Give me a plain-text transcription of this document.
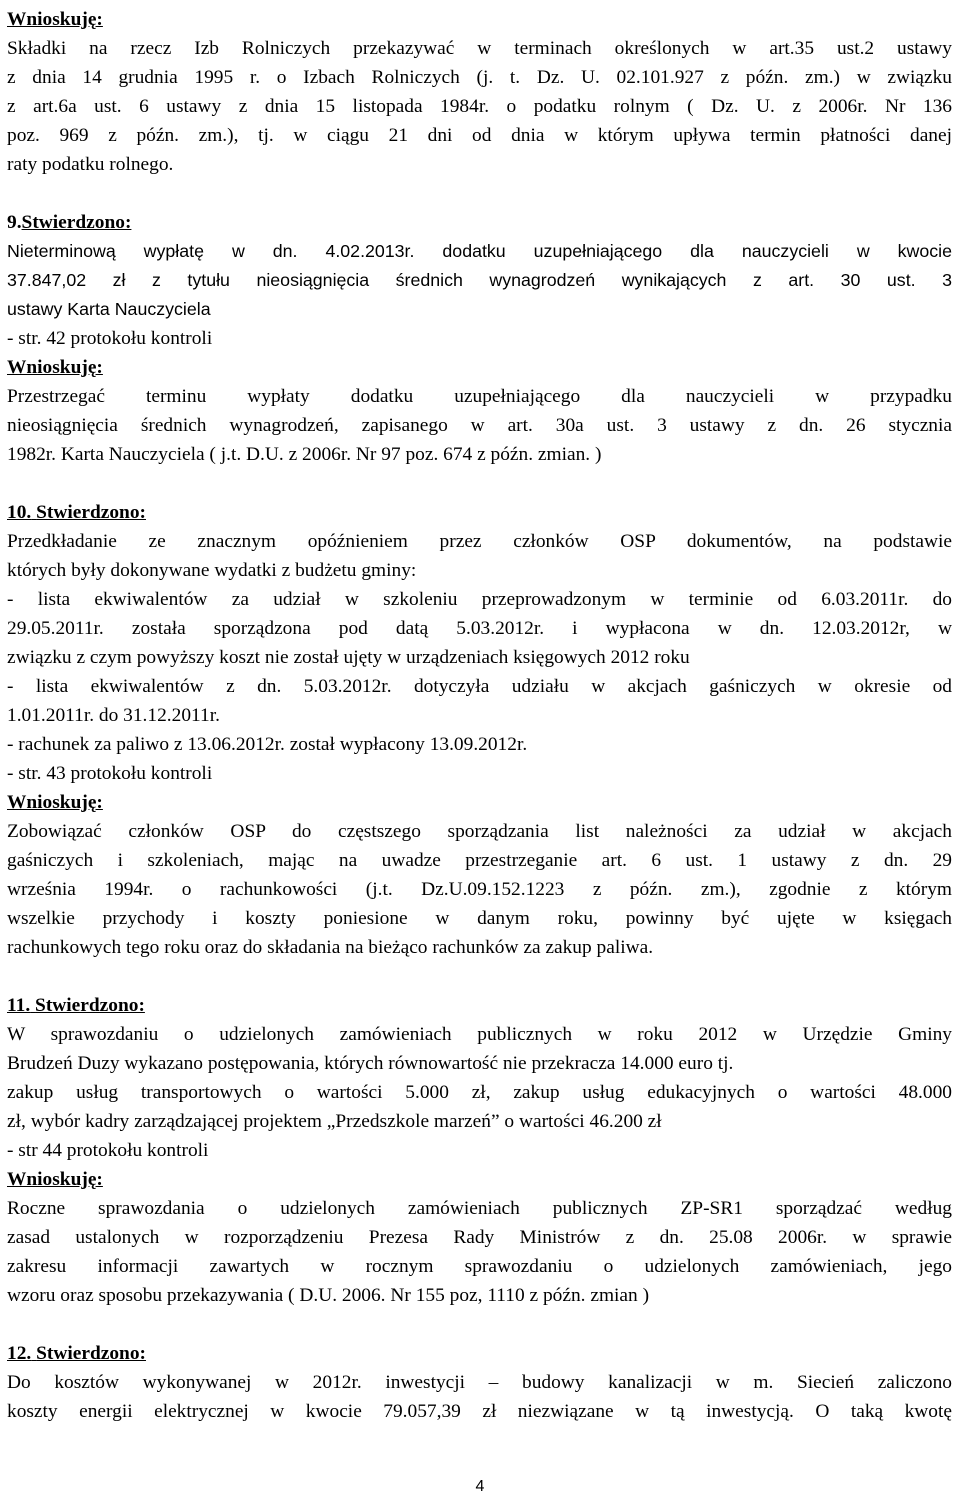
Wnioskuję:

Składki na rzecz Izb Rolniczych przekazywać w terminach określonych w art.35 ust.2 ustawy

z dnia 14 grudnia 1995 r. o Izbach Rolniczych (j. t. Dz. U. 02.101.927 z późn. zm.) w związku

z art.6a ust. 6 ustawy z dnia 15 listopada 1984r. o podatku rolnym ( Dz. U. z 2006r. Nr 136

poz. 969 z późn. zm.), tj. w ciągu 21 dni od dnia w którym upływa termin płatności danej

raty podatku rolnego.

9.Stwierdzono:

Nieterminową wypłatę w dn. 4.02.2013r. dodatku uzupełniającego dla nauczycieli w kwocie

37.847,02 zł z tytułu nieosiągnięcia średnich wynagrodzeń wynikających z art. 30 ust. 3

ustawy Karta Nauczyciela

- str. 42 protokołu kontroli

Wnioskuję:

Przestrzegać terminu wypłaty dodatku uzupełniającego dla nauczycieli w przypadku

nieosiągnięcia średnich wynagrodzeń, zapisanego w art. 30a ust. 3 ustawy z dn. 26 stycznia

1982r. Karta Nauczyciela ( j.t. D.U. z 2006r. Nr 97 poz. 674 z późn. zmian. )

10. Stwierdzono:

Przedkładanie ze znacznym opóźnieniem przez członków OSP dokumentów, na podstawie

których były dokonywane wydatki z budżetu gminy:

- lista ekwiwalentów za udział w szkoleniu przeprowadzonym w terminie od 6.03.2011r. do

29.05.2011r. została sporządzona pod datą 5.03.2012r. i wypłacona w dn. 12.03.2012r, w

związku z czym powyższy koszt nie został ujęty w urządzeniach księgowych 2012 roku

- lista ekwiwalentów z dn. 5.03.2012r. dotyczyła udziału w akcjach gaśniczych w okresie od

1.01.2011r. do 31.12.2011r.

- rachunek za paliwo z 13.06.2012r. został wypłacony 13.09.2012r.

- str. 43 protokołu kontroli

Wnioskuję:

Zobowiązać członków OSP do częstszego sporządzania list należności za udział w akcjach

gaśniczych i szkoleniach, mając na uwadze przestrzeganie art. 6 ust. 1 ustawy z dn. 29

września 1994r. o rachunkowości (j.t. Dz.U.09.152.1223 z późn. zm.), zgodnie z którym

wszelkie przychody i koszty poniesione w danym roku, powinny być ujęte w księgach

rachunkowych tego roku oraz do składania na bieżąco rachunków za zakup paliwa.

11. Stwierdzono:

W sprawozdaniu o udzielonych zamówieniach publicznych w roku 2012 w Urzędzie Gminy

Brudzeń Duzy wykazano postępowania, których równowartość nie przekracza 14.000 euro tj.

zakup usług transportowych o wartości 5.000 zł, zakup usług edukacyjnych o wartości 48.000

zł, wybór kadry zarządzającej projektem „Przedszkole marzeń” o wartości 46.200 zł

- str 44 protokołu kontroli

Wnioskuję:

Roczne sprawozdania o udzielonych zamówieniach publicznych ZP-SR1 sporządzać według

zasad ustalonych w rozporządzeniu Prezesa Rady Ministrów z dn. 25.08 2006r. w sprawie

zakresu informacji zawartych w rocznym sprawozdaniu o udzielonych zamówieniach, jego

wzoru oraz sposobu przekazywania ( D.U. 2006. Nr 155 poz, 1110 z późn. zmian )

12. Stwierdzono:

Do kosztów wykonywanej w 2012r. inwestycji – budowy kanalizacji w m. Siecień zaliczono

koszty energii elektrycznej w kwocie 79.057,39 zł niezwiązane w tą inwestycją. O taką kwotę

4
